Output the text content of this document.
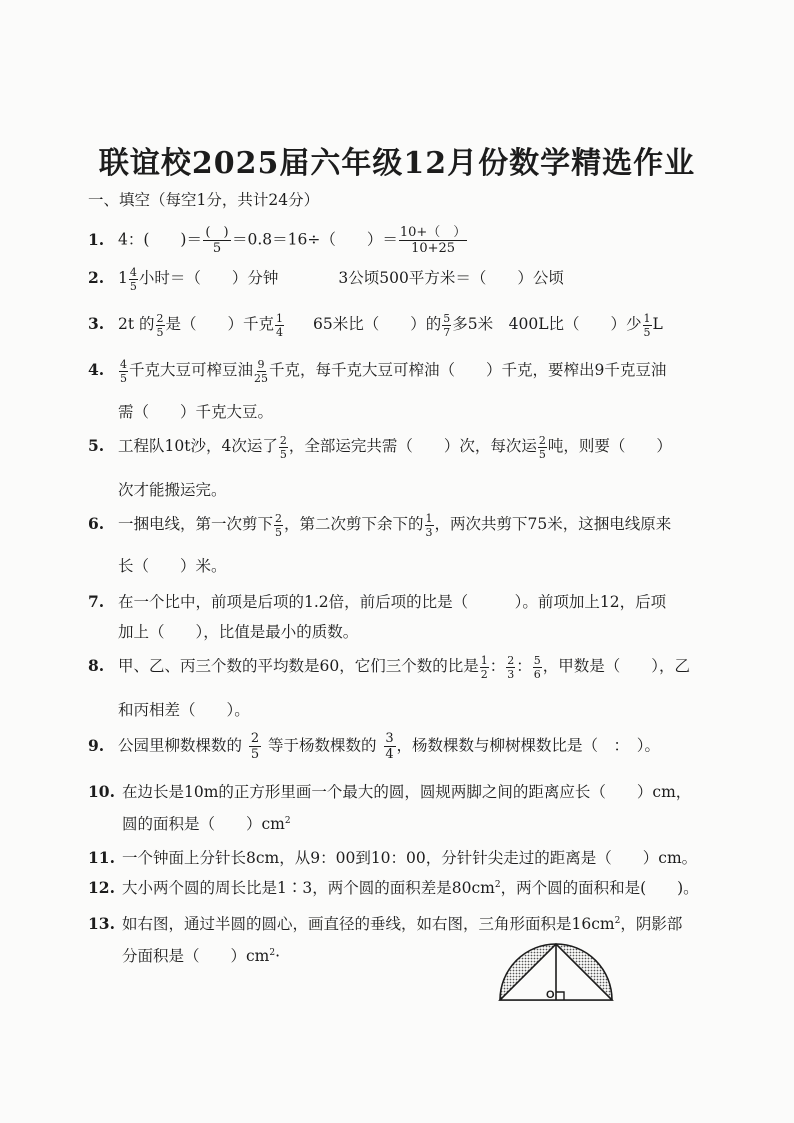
联谊校2025届六年级12月份数学精选作业
一、填空（每空1分，共计24分）
1. 4：(　　)＝ $\frac{( )}{5} =0.8=16\div$（　　）＝ $\frac{10+( )}{10+25}$
2. $1 \frac{4}{5}$ 小时＝（　　）分钟	3公顷500平方米＝（　　）公顷
3. 2t 的 $\frac{2}{5}$ 是（　　）千克 $\frac{1}{4} 65$米比（　　）的 $\frac{5}{7}$ 多5米　400L比（　　）少 $\frac{1}{5}$ L
4. $\frac{4}{5}$ 千克大豆可榨豆油 $\frac{9}{25}$ 千克，每千克大豆可榨油（　　）千克，要榨出9千克豆油
需（　　）千克大豆。
5. 工程队10t沙，4次运了 $\frac{2}{5}$ ，全部运完共需（　　）次，每次运 $\frac{2}{5}$ 吨，则要（　　）
次才能搬运完。
6. 一捆电线，第一次剪下 $\frac{2}{5}$ ，第二次剪下余下的 $\frac{1}{3}$ ，两次共剪下75米，这捆电线原来
长（　　）米。
7. 在一个比中，前项是后项的1.2倍，前后项的比是（　　　）。前项加上12，后项
加上（　　），比值是最小的质数。
8. 甲、乙、丙三个数的平均数是60，它们三个数的比是 $\frac{1}{2}$ ： $\frac{2}{3}$ ： $\frac{5}{6}$ ，甲数是（　　），乙
和丙相差（　　）。
9. 公园里柳数棵数的 $\frac{2}{5}$ 等于杨数棵数的 $\frac{3}{4}$ ，杨数棵数与柳树棵数比是（　：　）。
10. 在边长是10m的正方形里画一个最大的圆，圆规两脚之间的距离应长（　　）cm，
圆的面积是（　　）$cm^2$
11. 一个钟面上分针长8cm，从9：00到10：00，分针针尖走过的距离是（　　）cm。
12. 大小两个圆的周长比是1∶3，两个圆的面积差是$80cm^2$，两个圆的面积和是(　　)。
13. 如右图，通过半圆的圆心，画直径的垂线，如右图，三角形面积是$16cm^2$，阴影部
分面积是（　　）$cm^2\cdot$
O
